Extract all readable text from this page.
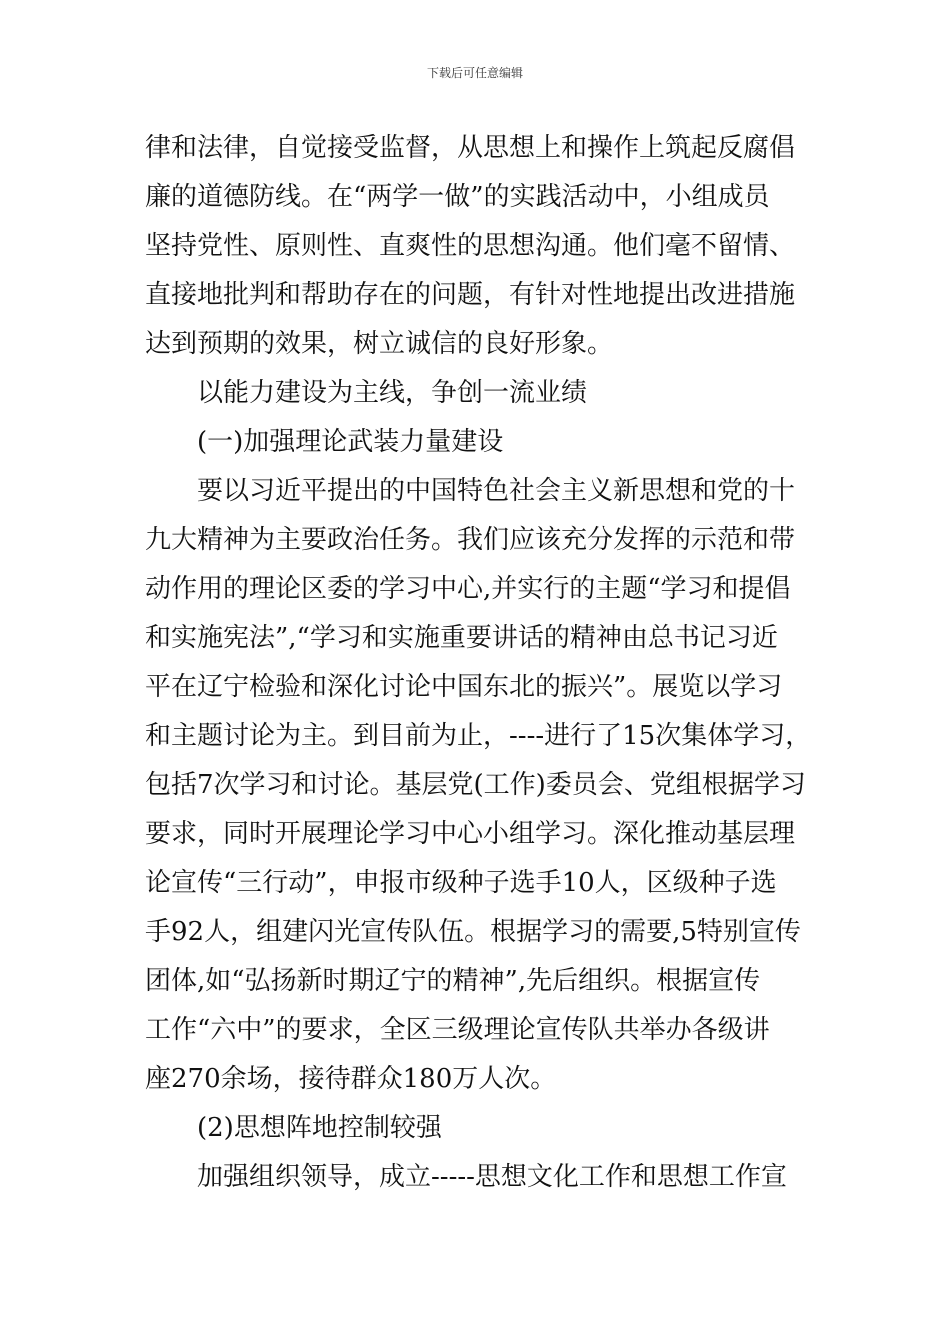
下载后可任意编辑
律和法律，自觉接受监督，从思想上和操作上筑起反腐倡
廉的道德防线。在“两学一做”的实践活动中，小组成员
坚持党性、原则性、直爽性的思想沟通。他们毫不留情、
直接地批判和帮助存在的问题，有针对性地提出改进措施
达到预期的效果，树立诚信的良好形象。
以能力建设为主线，争创一流业绩
(一)加强理论武装力量建设
要以习近平提出的中国特色社会主义新思想和党的十
九大精神为主要政治任务。我们应该充分发挥的示范和带
动作用的理论区委的学习中心,并实行的主题“学习和提倡
和实施宪法”,“学习和实施重要讲话的精神由总书记习近
平在辽宁检验和深化讨论中国东北的振兴”。展览以学习
和主题讨论为主。到目前为止，----进行了15次集体学习，
包括7次学习和讨论。基层党(工作)委员会、党组根据学习
要求，同时开展理论学习中心小组学习。深化推动基层理
论宣传“三行动”，申报市级种子选手10人，区级种子选
手92人，组建闪光宣传队伍。根据学习的需要,5特别宣传
团体,如“弘扬新时期辽宁的精神”,先后组织。根据宣传
工作“六中”的要求，全区三级理论宣传队共举办各级讲
座270余场，接待群众180万人次。
(2)思想阵地控制较强
加强组织领导，成立-----思想文化工作和思想工作宣
